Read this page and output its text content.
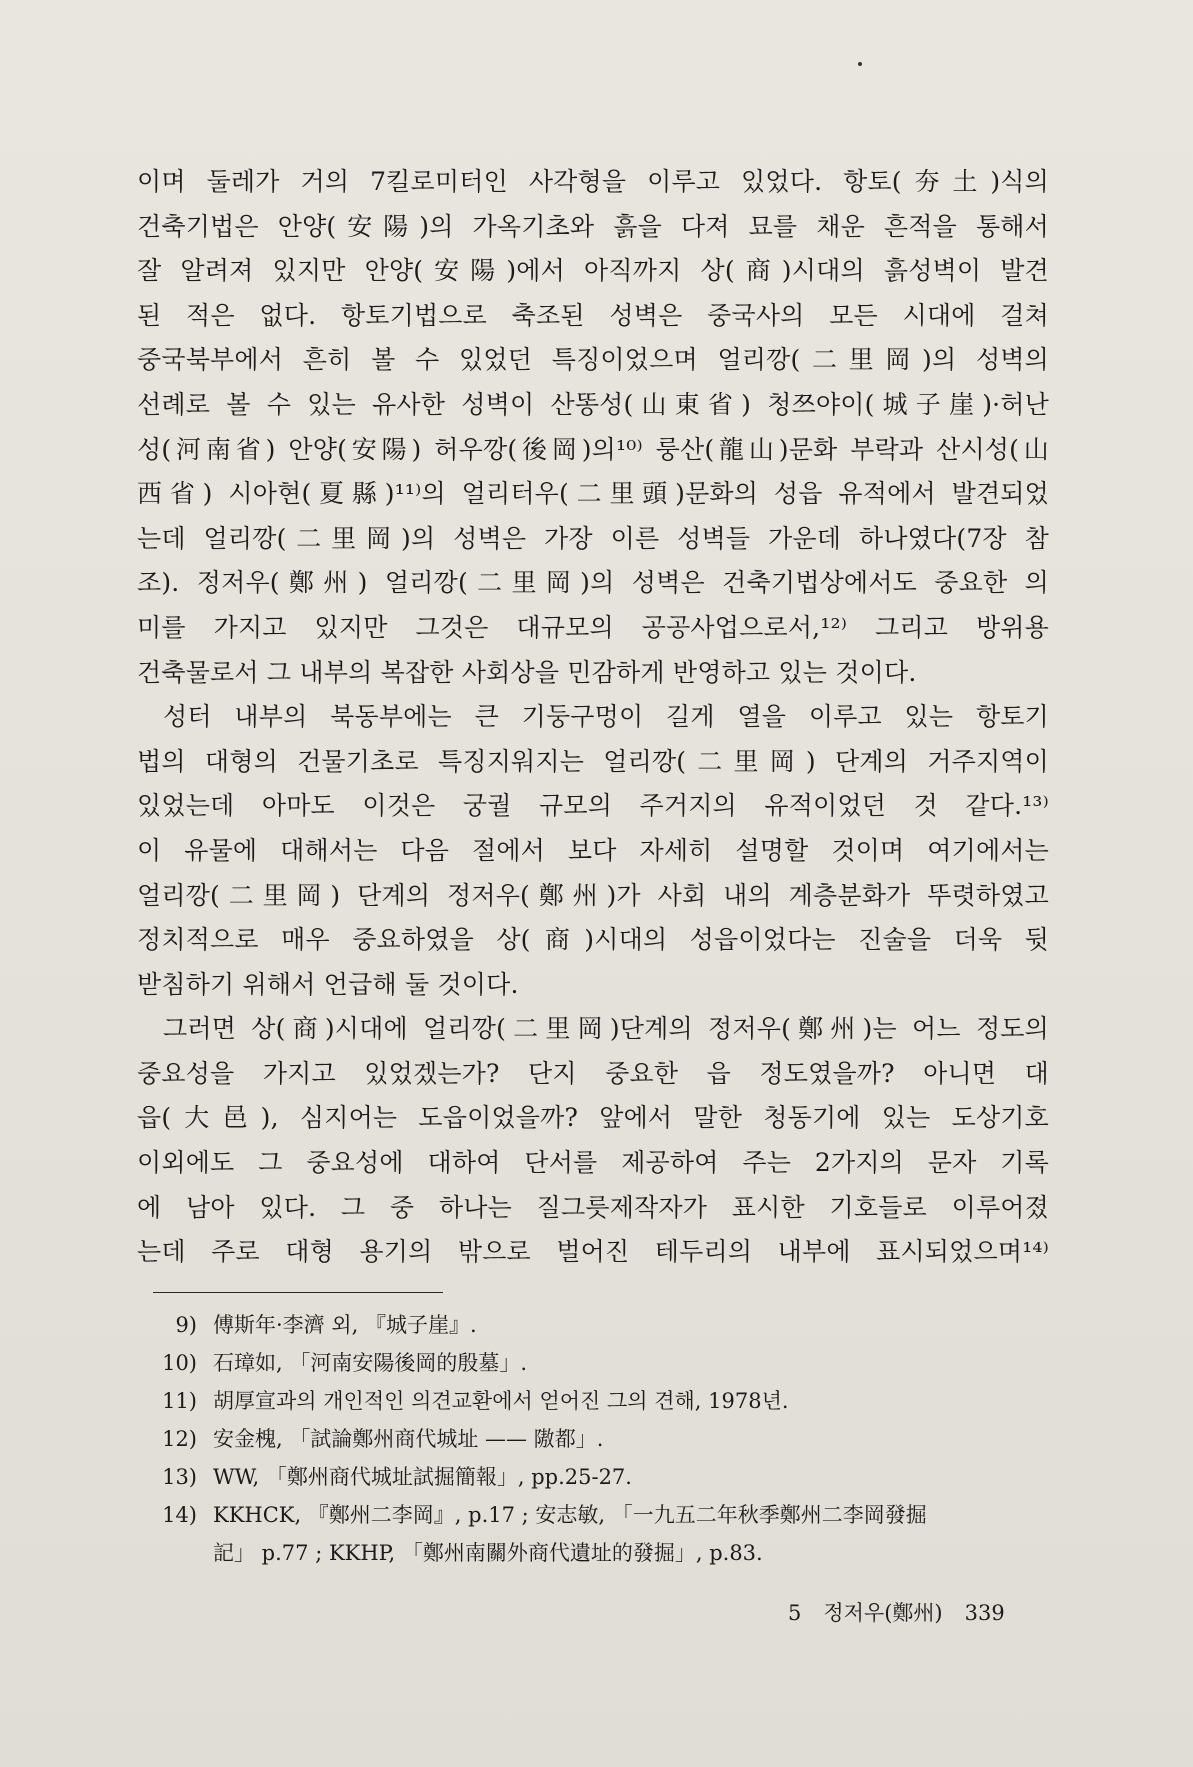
이며 둘레가 거의 7킬로미터인 사각형을 이루고 있었다. 항토(夯土)식의
건축기법은 안양(安陽)의 가옥기초와 흙을 다져 묘를 채운 흔적을 통해서
잘 알려져 있지만 안양(安陽)에서 아직까지 상(商)시대의 흙성벽이 발견
된 적은 없다. 항토기법으로 축조된 성벽은 중국사의 모든 시대에 걸쳐
중국북부에서 흔히 볼 수 있었던 특징이었으며 얼리깡(二里岡)의 성벽의
선례로 볼 수 있는 유사한 성벽이 산똥성(山東省) 청쯔야이(城子崖)·허난
성(河南省) 안양(安陽) 허우깡(後岡)의¹⁰⁾ 룽산(龍山)문화 부락과 산시성(山
西省) 시아현(夏縣)¹¹⁾의 얼리터우(二里頭)문화의 성읍 유적에서 발견되었
는데 얼리깡(二里岡)의 성벽은 가장 이른 성벽들 가운데 하나였다(7장 참
조). 정저우(鄭州) 얼리깡(二里岡)의 성벽은 건축기법상에서도 중요한 의
미를 가지고 있지만 그것은 대규모의 공공사업으로서,¹²⁾ 그리고 방위용
건축물로서 그 내부의 복잡한 사회상을 민감하게 반영하고 있는 것이다.
성터 내부의 북동부에는 큰 기둥구멍이 길게 열을 이루고 있는 항토기
법의 대형의 건물기초로 특징지워지는 얼리깡(二里岡) 단계의 거주지역이
있었는데 아마도 이것은 궁궐 규모의 주거지의 유적이었던 것 같다.¹³⁾
이 유물에 대해서는 다음 절에서 보다 자세히 설명할 것이며 여기에서는
얼리깡(二里岡) 단계의 정저우(鄭州)가 사회 내의 계층분화가 뚜렷하였고
정치적으로 매우 중요하였을 상(商)시대의 성읍이었다는 진술을 더욱 뒷
받침하기 위해서 언급해 둘 것이다.
그러면 상(商)시대에 얼리깡(二里岡)단계의 정저우(鄭州)는 어느 정도의
중요성을 가지고 있었겠는가? 단지 중요한 읍 정도였을까? 아니면 대
읍(大邑), 심지어는 도읍이었을까? 앞에서 말한 청동기에 있는 도상기호
이외에도 그 중요성에 대하여 단서를 제공하여 주는 2가지의 문자 기록
에 남아 있다. 그 중 하나는 질그릇제작자가 표시한 기호들로 이루어졌
는데 주로 대형 용기의 밖으로 벌어진 테두리의 내부에 표시되었으며¹⁴⁾
9) 傅斯年·李濟 외, 『城子崖』.
10) 石璋如, 「河南安陽後岡的殷墓」.
11) 胡厚宣과의 개인적인 의견교환에서 얻어진 그의 견해, 1978년.
12) 安金槐, 「試論鄭州商代城址 —— 隞都」.
13) WW, 「鄭州商代城址試掘簡報」, pp.25-27.
14) KKHCK, 『鄭州二李岡』, p.17 ; 安志敏, 「一九五二年秋季鄭州二李岡發掘
記」 p.77 ; KKHP, 「鄭州南關外商代遺址的發掘」, p.83.
5 정저우(鄭州) 339
